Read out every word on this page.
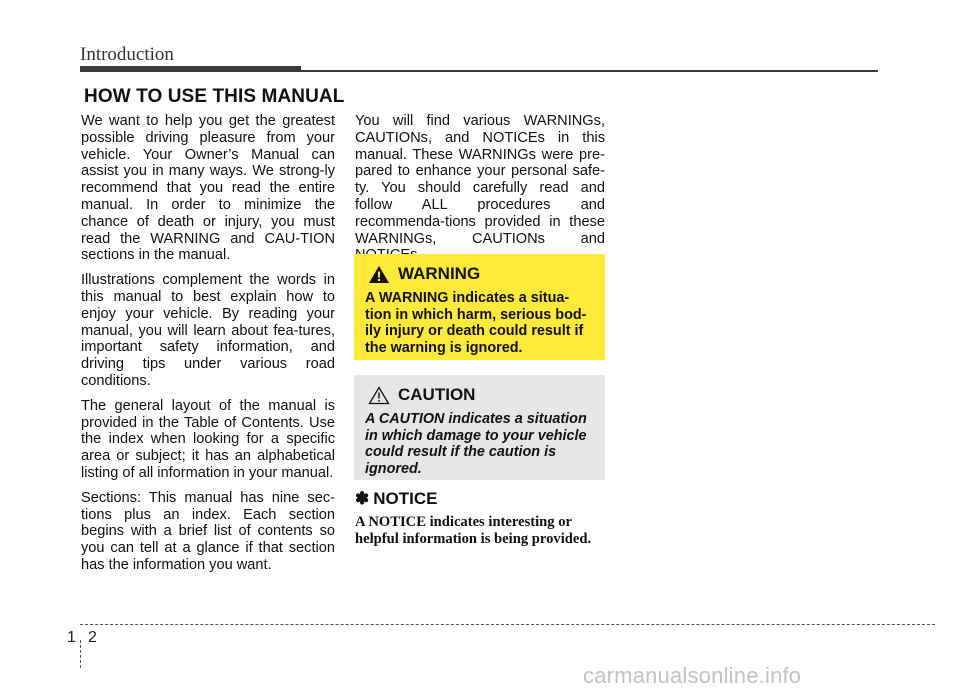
Introduction
HOW TO USE THIS MANUAL

We want to help you get the greatest possible driving pleasure from your vehicle. Your Owner’s Manual can assist you in many ways. We strong-ly recommend that you read the entire manual. In order to minimize the chance of death or injury, you must read the WARNING and CAU-TION sections in the manual.

Illustrations complement the words in this manual to best explain how to enjoy your vehicle. By reading your manual, you will learn about fea-tures, important safety information, and driving tips under various road conditions.

The general layout of the manual is provided in the Table of Contents. Use the index when looking for a specific area or subject; it has an alphabetical listing of all information in your manual.

Sections: This manual has nine sec-tions plus an index. Each section begins with a brief list of contents so you can tell at a glance if that section has the information you want.

You will find various WARNINGs, CAUTIONs, and NOTICEs in this manual. These WARNINGs were pre-pared to enhance your personal safe-ty. You should carefully read and follow ALL procedures and recommenda-tions provided in these WARNINGs, CAUTIONs and

WARNING

A WARNING indicates a situa-tion in which harm, serious bod-ily injury or death could result if the warning is ignored.

CAUTION

A CAUTION indicates a situation in which damage to your vehicle could result if the caution is ignored.

✽ NOTICE

A NOTICE indicates interesting or helpful information is being provided.

1 2
carmanualsonline.info
